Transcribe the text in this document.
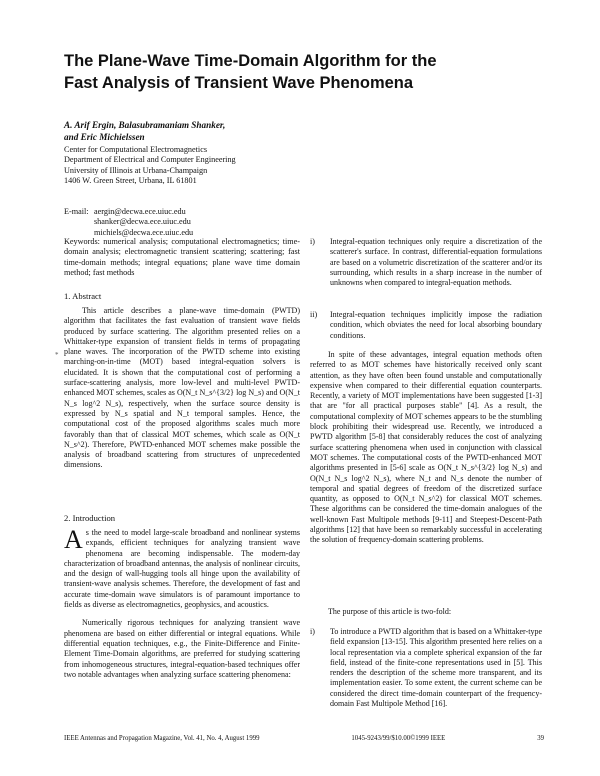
The Plane-Wave Time-Domain Algorithm for the
Fast Analysis of Transient Wave Phenomena
A. Arif Ergin, Balasubramaniam Shanker,
and Eric Michielssen
Center for Computational Electromagnetics
Department of Electrical and Computer Engineering
University of Illinois at Urbana-Champaign
1406 W. Green Street, Urbana, IL 61801
E-mail: aergin@decwa.ece.uiuc.edu
shanker@decwa.ece.uiuc.edu
michiels@decwa.ece.uiuc.edu
Keywords: numerical analysis; computational electromagnetics; time-domain analysis; electromagnetic transient scattering; scattering; fast time-domain methods; integral equations; plane wave time domain method; fast methods
1. Abstract

This article describes a plane-wave time-domain (PWTD) algorithm that facilitates the fast evaluation of transient wave fields produced by surface scattering. The algorithm presented relies on a Whittaker-type expansion of transient fields in terms of propagating plane waves. The incorporation of the PWTD scheme into existing marching-on-in-time (MOT) based integral-equation solvers is elucidated. It is shown that the computational cost of performing a surface-scattering analysis, more low-level and multi-level PWTD-enhanced MOT schemes, scales as O(N_t N_s^{3/2} log N_s) and O(N_t N_s log^2 N_s), respectively, when the surface source density is expressed by N_s spatial and N_t temporal samples. Hence, the computational cost of the proposed algorithms scales much more favorably than that of classical MOT schemes, which scale as O(N_t N_s^2). Therefore, PWTD-enhanced MOT schemes make possible the analysis of broadband scattering from structures of unprecedented dimensions.

*
2. Introduction

As the need to model large-scale broadband and nonlinear systems expands, efficient techniques for analyzing transient wave phenomena are becoming indispensable. The modern-day characterization of broadband antennas, the analysis of nonlinear circuits, and the design of wall-hugging tools all hinge upon the availability of transient-wave analysis schemes. Therefore, the development of fast and accurate time-domain wave simulators is of paramount importance to fields as diverse as electromagnetics, geophysics, and acoustics.

Numerically rigorous techniques for analyzing transient wave phenomena are based on either differential or integral equations. While differential equation techniques, e.g., the Finite-Difference and Finite-Element Time-Domain algorithms, are preferred for studying scattering from inhomogeneous structures, integral-equation-based techniques offer two notable advantages when analyzing surface scattering phenomena:

i)	Integral-equation techniques only require a discretization of the scatterer's surface. In contrast, differential-equation formulations are based on a volumetric discretization of the scatterer and/or its surrounding, which results in a sharp increase in the number of unknowns when compared to integral-equation methods.
ii)	Integral-equation techniques implicitly impose the radiation condition, which obviates the need for local absorbing boundary conditions.

In spite of these advantages, integral equation methods often referred to as MOT schemes have historically received only scant attention, as they have often been found unstable and computationally expensive when compared to their differential equation counterparts. Recently, a variety of MOT implementations have been suggested [1-3] that are "for all practical purposes stable" [4]. As a result, the computational complexity of MOT schemes appears to be the stumbling block prohibiting their widespread use. Recently, we introduced a PWTD algorithm [5-8] that considerably reduces the cost of analyzing surface scattering phenomena when used in conjunction with classical MOT schemes. The computational costs of the PWTD-enhanced MOT algorithms presented in [5-6] scale as O(N_t N_s^{3/2} log N_s) and O(N_t N_s log^2 N_s), where N_t and N_s denote the number of temporal and spatial degrees of freedom of the discretized surface quantity, as opposed to O(N_t N_s^2) for classical MOT schemes. These algorithms can be considered the time-domain analogues of the well-known Fast Multipole methods [9-11] and Steepest-Descent-Path algorithms [12] that have been so remarkably successful in accelerating the solution of frequency-domain scattering problems.

The purpose of this article is two-fold:

i)	To introduce a PWTD algorithm that is based on a Whittaker-type field expansion [13-15]. This algorithm presented here relies on a local representation via a complete spherical expansion of the far field, instead of the finite-cone representations used in [5]. This renders the description of the scheme more transparent, and its implementation easier. To some extent, the current scheme can be considered the direct time-domain counterpart of the frequency-domain Fast Multipole Method [16].
IEEE Antennas and Propagation Magazine, Vol. 41, No. 4, August 1999	1045-9243/99/$10.00©1999 IEEE	39
